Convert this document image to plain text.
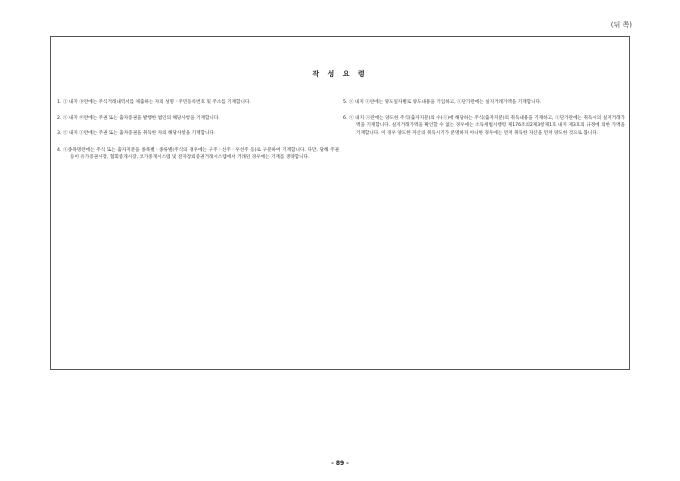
(뒤 쪽)
작 성 요 령

1. ⓛ 내지 ⓟ란에는 주식거래내역서를 제출하는 자의 성명ㆍ주민등록번호 및 주소를 기재합니다.

2. ⓢ 내지 ⓦ란에는 주권 또는 출자증권을 발행한 법인의 해당사항을 기재합니다.

3. ⓩ 내지 ⓩ란에는 주권 또는 출자증권을 취득한 자의 해당사항을 기재합니다.

4. ⓢ종목명란에는 주식 또는 출자지분을 종목별ㆍ종류별(주식의 경우에는 구주ㆍ신주ㆍ우선주 등)로 구분하여 기재합니다. 다만, 당해 주권등이 유가증권시장, 협회중개시장, 코가중개시스템 및 전자장외증권거래시스템에서 거래된 경우에는 기재를 생략합니다.

5. ⓢ 내지 ⓢ란에는 양도일자별로 양도내용을 기입하고, ⓢ단가란에는 실지거래가액을 기재합니다.

6. ⓢ 내지 ⓢ란에는 양도한 주식(출자지분)의 수(ⓢ)에 해당하는 주식(출자지분)의 취득내용을 기재하고, ⓢ단가란에는 취득시의 실지거래가액을 기재합니다. 실지거래가액을 확인할 수 없는 경우에는 소득세법시행령 제176조의2제3항제1호 내지 제3호의 규정에 의한 가액을 기재합니다. 이 경우 양도한 자산의 취득시기가 분명하지 아니한 경우에는 먼저 취득한 자산을 먼저 양도한 것으로 봅니다.

- 89 -
